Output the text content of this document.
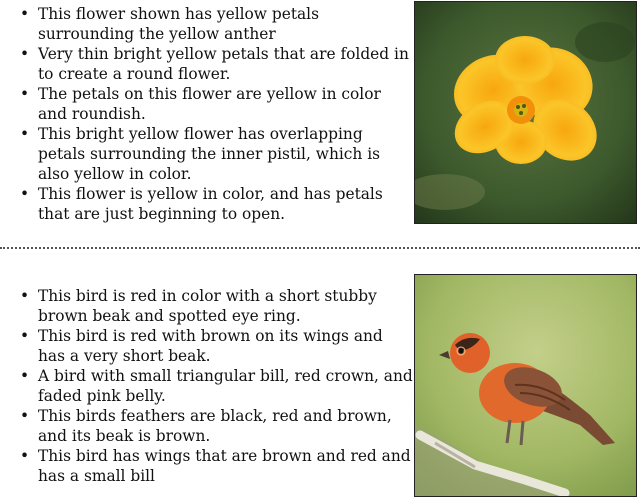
• This flower shown has yellow petals surrounding the yellow anther
• Very thin bright yellow petals that are folded in to create a round flower.
• The petals on this flower are yellow in color and roundish.
• This bright yellow flower has overlapping petals surrounding the inner pistil, which is also yellow in color.
• This flower is yellow in color, and has petals that are just beginning to open.
• This bird is red in color with a short stubby brown beak and spotted eye ring.
• This bird is red with brown on its wings and has a very short beak.
• A bird with small triangular bill, red crown, and faded pink belly.
• This birds feathers are black, red and brown, and its beak is brown.
• This bird has wings that are brown and red and has a small bill
